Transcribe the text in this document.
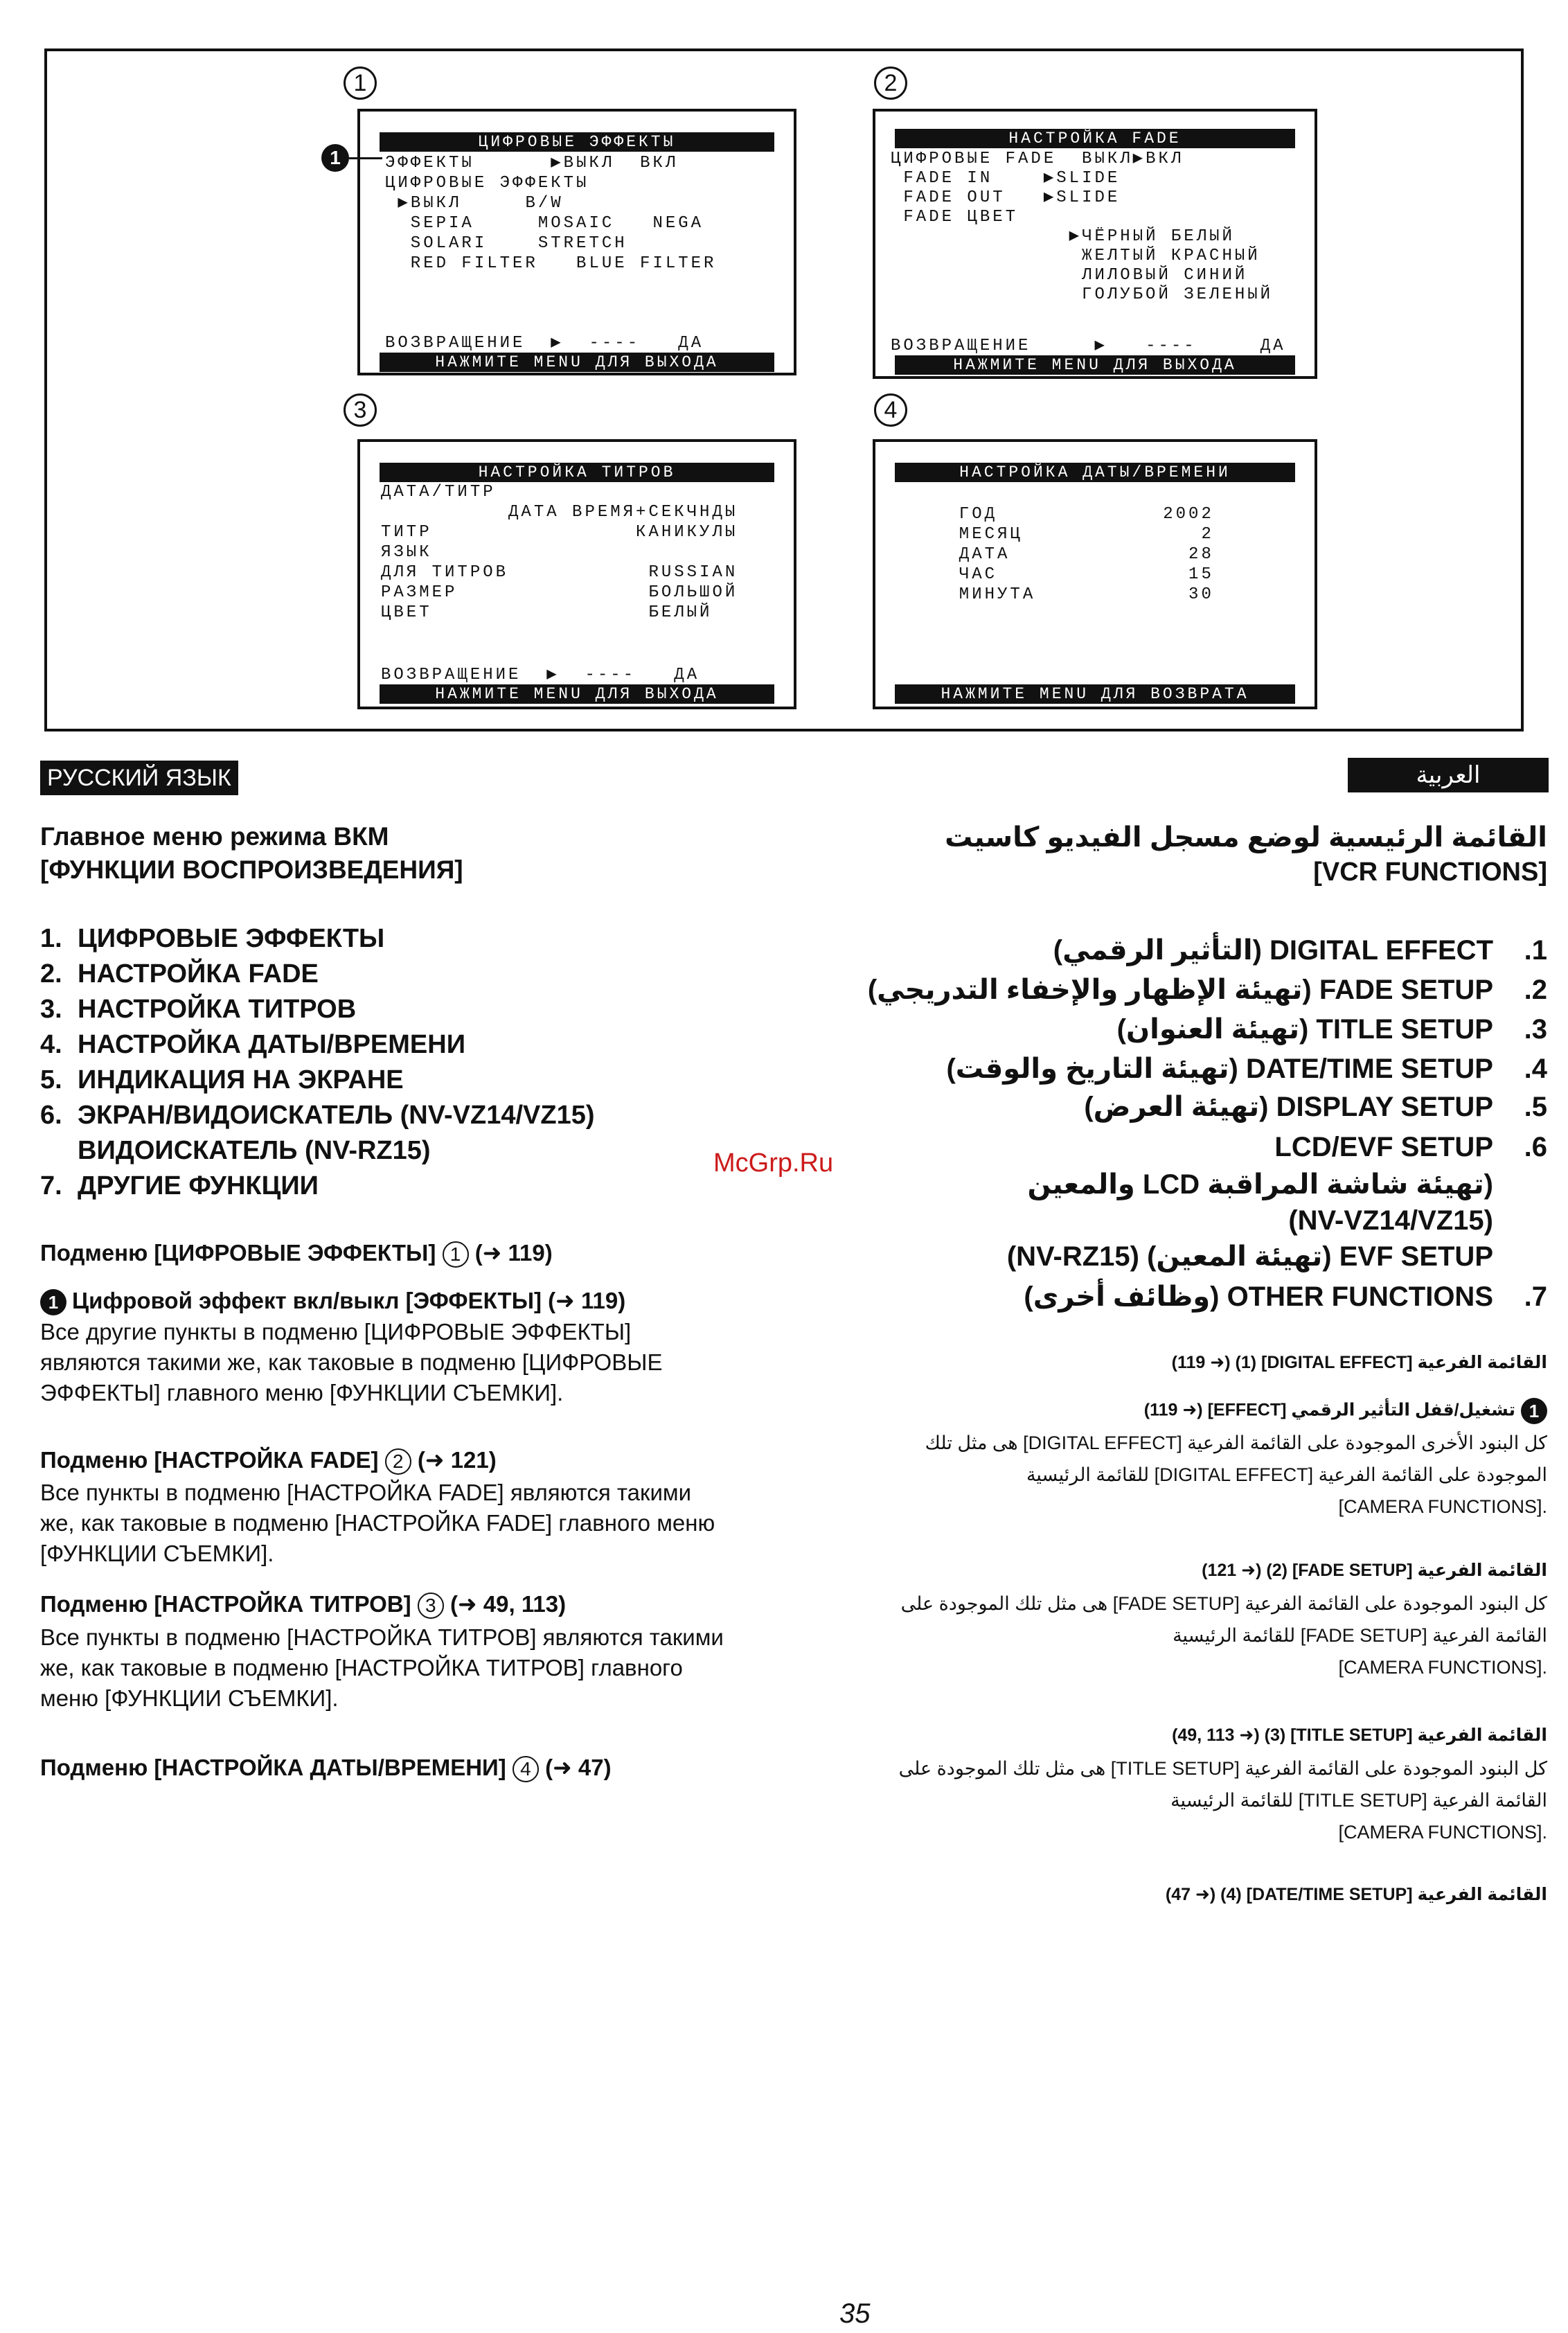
1
ЦИФРОВЫЕ ЭФФЕКТЫ
ЭФФЕКТЫ      ▶ВЫКЛ  ВКЛ
ЦИФРОВЫЕ ЭФФЕКТЫ
▶ВЫКЛ     B/W
SEPIA     MOSAIC   NEGA
SOLARI    STRETCH
RED FILTER   BLUE FILTER
ВОЗВРАЩЕНИЕ  ▶  ----   ДА
НАЖМИТЕ MENU ДЛЯ ВЫХОДА
1
2
НАСТРОЙКА FADE
ЦИФРОВЫЕ FADE  ВЫКЛ▶ВКЛ
FADE IN    ▶SLIDE
FADE OUT   ▶SLIDE
FADE ЦВЕТ
▶ЧЁРНЫЙ БЕЛЫЙ
ЖЕЛТЫЙ КРАСНЫЙ
ЛИЛОВЫЙ СИНИЙ
ГОЛУБОЙ ЗЕЛЕНЫЙ
ВОЗВРАЩЕНИЕ     ▶   ----     ДА
НАЖМИТЕ MENU ДЛЯ ВЫХОДА
3
НАСТРОЙКА ТИТРОВ
ДАТА/ТИТР
ДАТА ВРЕМЯ+СЕКЧНДЫ
ТИТР                КАНИКУЛЫ
ЯЗЫК
ДЛЯ ТИТРОВ           RUSSIAN
РАЗМЕР               БОЛЬШОЙ
ЦВЕТ                 БЕЛЫЙ
ВОЗВРАЩЕНИЕ  ▶  ----   ДА
НАЖМИТЕ MENU ДЛЯ ВЫХОДА
4
НАСТРОЙКА ДАТЫ/ВРЕМЕНИ
ГОД             2002
МЕСЯЦ              2
ДАТА              28
ЧАС               15
МИНУТА            30
НАЖМИТЕ MENU ДЛЯ ВОЗВРАТА
РУССКИЙ ЯЗЫК	العربية
Главное меню режима ВКМ
[ФУНКЦИИ ВОСПРОИЗВЕДЕНИЯ]
1. ЦИФРОВЫЕ ЭФФЕКТЫ
2. НАСТРОЙКА FADE
3. НАСТРОЙКА ТИТРОВ
4. НАСТРОЙКА ДАТЫ/ВРЕМЕНИ
5. ИНДИКАЦИЯ НА ЭКРАНЕ
6. ЭКРАН/ВИДОИСКАТЕЛЬ (NV-VZ14/VZ15)
ВИДОИСКАТЕЛЬ (NV-RZ15)
7. ДРУГИЕ ФУНКЦИИ
Подменю [ЦИФРОВЫЕ ЭФФЕКТЫ] 1 (➜ 119)
1 Цифровой эффект вкл/выкл [ЭФФЕКТЫ] (➜ 119)
Все другие пункты в подменю [ЦИФРОВЫЕ ЭФФЕКТЫ]
являются такими же, как таковые в подменю [ЦИФРОВЫЕ
ЭФФЕКТЫ] главного меню [ФУНКЦИИ СЪЕМКИ].
Подменю [НАСТРОЙКА FADE] 2 (➜ 121)
Все пункты в подменю [НАСТРОЙКА FADE] являются такими
же, как таковые в подменю [НАСТРОЙКА FADE] главного меню
[ФУНКЦИИ СЪЕМКИ].
Подменю [НАСТРОЙКА ТИТРОВ] 3 (➜ 49, 113)
Все пункты в подменю [НАСТРОЙКА ТИТРОВ] являются такими
же, как таковые в подменю [НАСТРОЙКА ТИТРОВ] главного
меню [ФУНКЦИИ СЪЕМКИ].
Подменю [НАСТРОЙКА ДАТЫ/ВРЕМЕНИ] 4 (➜ 47)
McGrp.Ru
القائمة الرئيسية لوضع مسجل الفيديو كاسيت
[VCR FUNCTIONS]
DIGITAL EFFECT (التأثير الرقمي) .1
FADE SETUP (تهيئة الإظهار والإخفاء التدريجي) .2
TITLE SETUP (تهيئة العنوان) .3
DATE/TIME SETUP (تهيئة التاريخ والوقت) .4
DISPLAY SETUP (تهيئة العرض) .5
LCD/EVF SETUP .6
(تهيئة شاشة المراقبة LCD والمعين
(NV-VZ14/VZ15)
EVF SETUP (تهيئة المعين) (NV-RZ15)
OTHER FUNCTIONS (وظائف أخرى) .7
القائمة الفرعية [DIGITAL EFFECT] (1) (➜ 119)
1تشغيل/قفل التأثير الرقمي [EFFECT] (➜ 119)
كل البنود الأخرى الموجودة على القائمة الفرعية [DIGITAL EFFECT] هى مثل تلك
الموجودة على القائمة الفرعية [DIGITAL EFFECT] للقائمة الرئيسية
[CAMERA FUNCTIONS].
القائمة الفرعية [FADE SETUP] (2) (➜ 121)
كل البنود الموجودة على القائمة الفرعية [FADE SETUP] هى مثل تلك الموجودة على
القائمة الفرعية [FADE SETUP] للقائمة الرئيسية
[CAMERA FUNCTIONS].
القائمة الفرعية [TITLE SETUP] (3) (➜ 49, 113)
كل البنود الموجودة على القائمة الفرعية [TITLE SETUP] هى مثل تلك الموجودة على
القائمة الفرعية [TITLE SETUP] للقائمة الرئيسية
[CAMERA FUNCTIONS].
القائمة الفرعية [DATE/TIME SETUP] (4) (➜ 47)
35
